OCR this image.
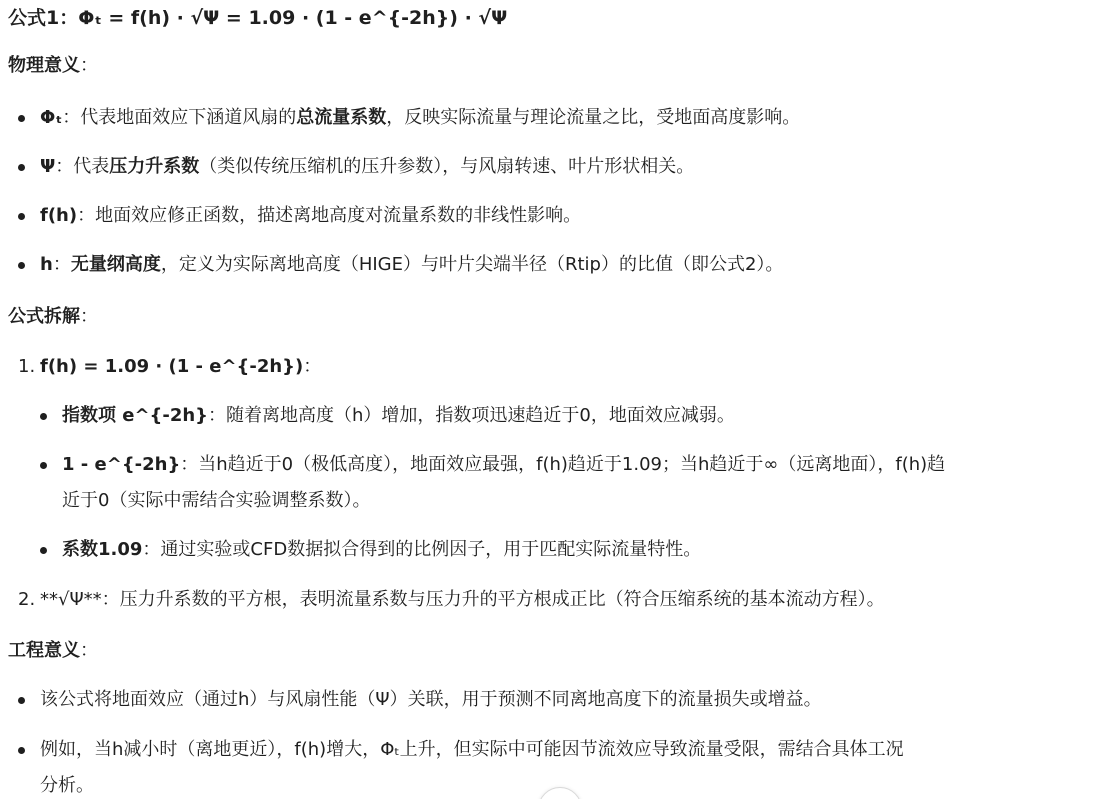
公式1：Φₜ = f(h) · √Ψ = 1.09 · (1 - e^{-2h}) · √Ψ
物理意义：
Φₜ：代表地面效应下涵道风扇的总流量系数，反映实际流量与理论流量之比，受地面高度影响。
Ψ：代表压力升系数（类似传统压缩机的压升参数），与风扇转速、叶片形状相关。
f(h)：地面效应修正函数，描述离地高度对流量系数的非线性影响。
h：无量纲高度，定义为实际离地高度（HIGE）与叶片尖端半径（Rtip）的比值（即公式2）。
公式拆解：
1. f(h) = 1.09 · (1 - e^{-2h})：
指数项 e^{-2h}：随着离地高度（h）增加，指数项迅速趋近于0，地面效应减弱。
1 - e^{-2h}：当h趋近于0（极低高度），地面效应最强，f(h)趋近于1.09；当h趋近于∞（远离地面），f(h)趋
近于0（实际中需结合实验调整系数）。
系数1.09：通过实验或CFD数据拟合得到的比例因子，用于匹配实际流量特性。
2. **√Ψ**：压力升系数的平方根，表明流量系数与压力升的平方根成正比（符合压缩系统的基本流动方程）。
工程意义：
该公式将地面效应（通过h）与风扇性能（Ψ）关联，用于预测不同离地高度下的流量损失或增益。
例如，当h减小时（离地更近），f(h)增大，Φₜ上升，但实际中可能因节流效应导致流量受限，需结合具体工况
分析。
